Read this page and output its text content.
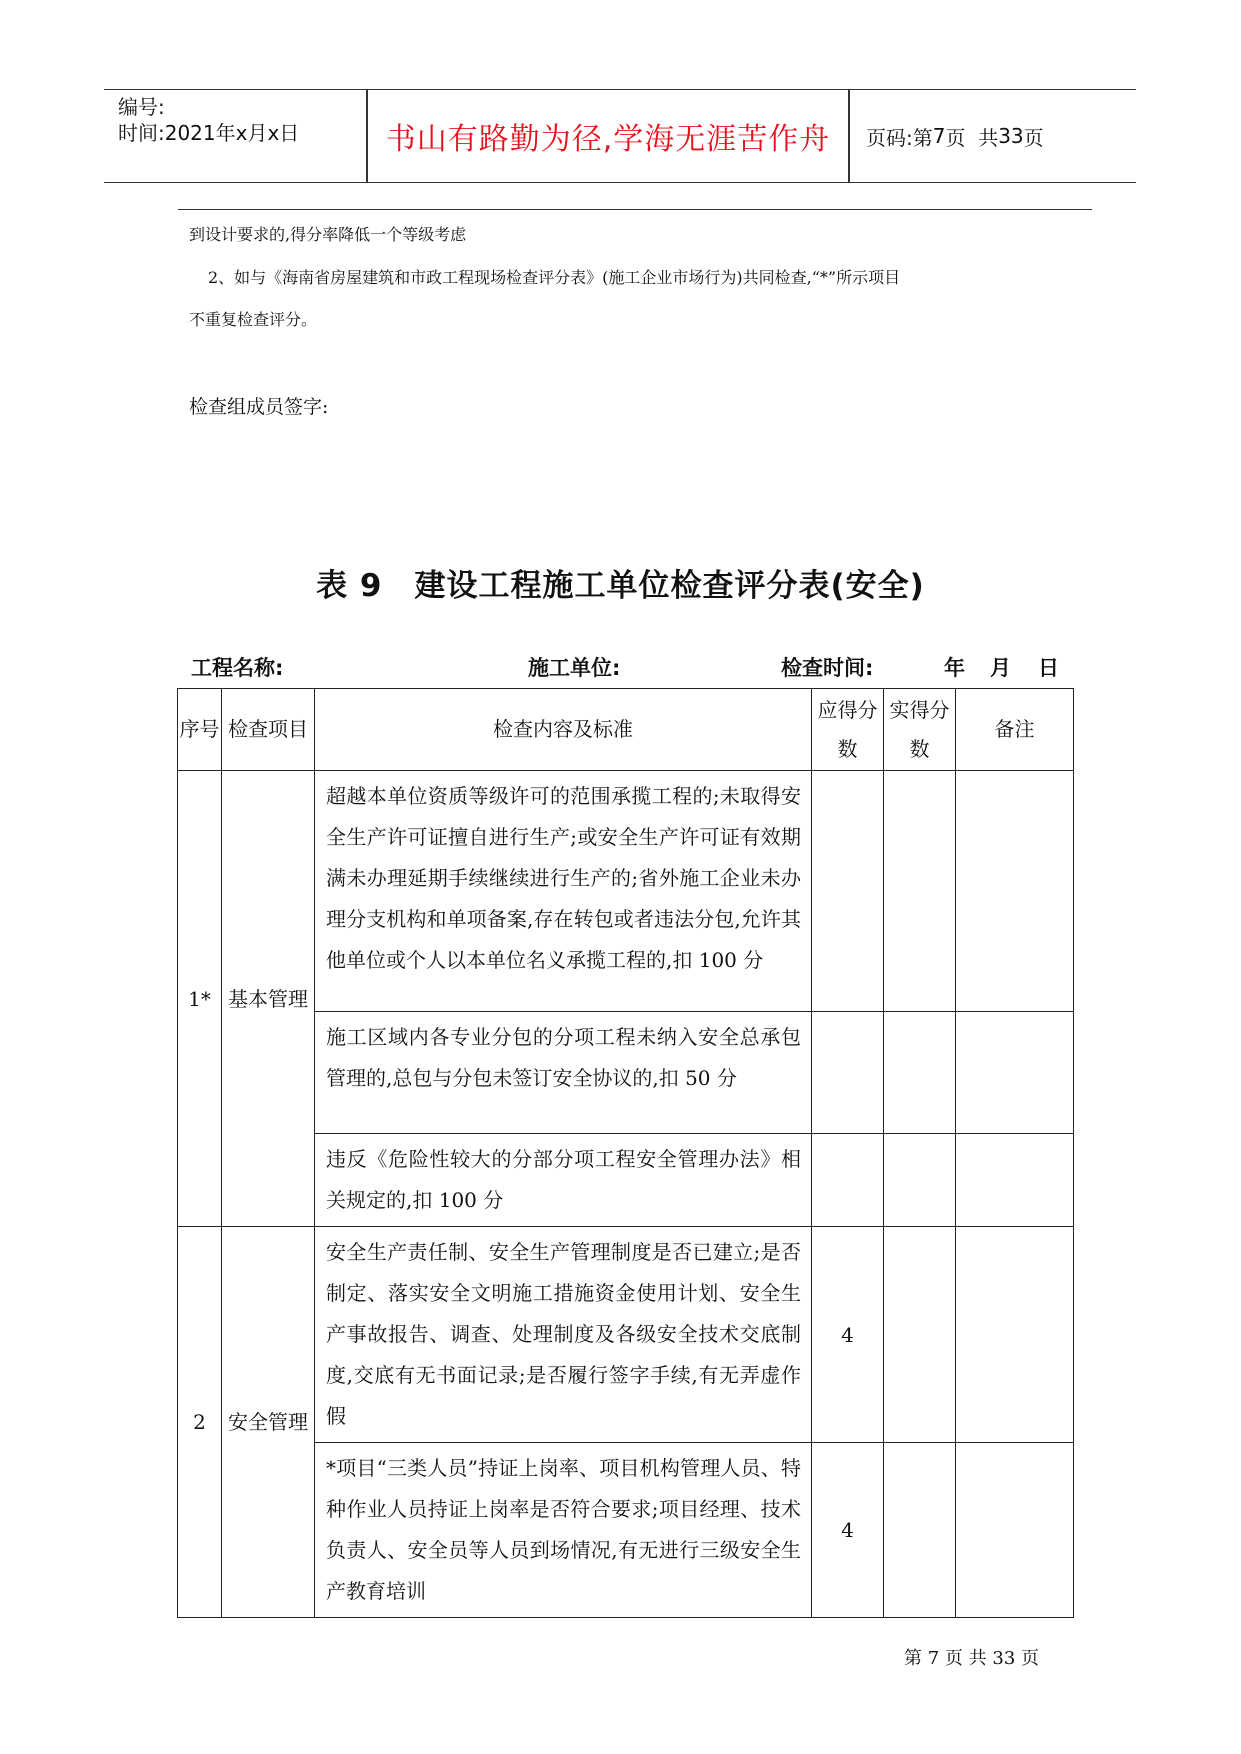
编号:
时间:2021年x月x日	书山有路勤为径,学海无涯苦作舟	页码:第 7 页  共 33 页
到设计要求的,得分率降低一个等级考虑
2、如与《海南省房屋建筑和市政工程现场检查评分表》(施工企业市场行为)共同检查,“*”所示项目
不重复检查评分。
检查组成员签字:
表 9　建设工程施工单位检查评分表(安全)
工程名称:	施工单位:	检查时间:	年 月 日
序号	检查项目	检查内容及标准	应得分数	实得分数	备注
1*	基本管理	超越本单位资质等级许可的范围承揽工程的;未取得安全生产许可证擅自进行生产;或安全生产许可证有效期满未办理延期手续继续进行生产的;省外施工企业未办理分支机构和单项备案,存在转包或者违法分包,允许其他单位或个人以本单位名义承揽工程的,扣 100 分			
		施工区域内各专业分包的分项工程未纳入安全总承包管理的,总包与分包未签订安全协议的,扣 50 分			
		违反《危险性较大的分部分项工程安全管理办法》相关规定的,扣 100 分			
2	安全管理	安全生产责任制、安全生产管理制度是否已建立;是否制定、落实安全文明施工措施资金使用计划、安全生产事故报告、调查、处理制度及各级安全技术交底制度,交底有无书面记录;是否履行签字手续,有无弄虚作假	4		
		*项目“三类人员”持证上岗率、项目机构管理人员、特种作业人员持证上岗率是否符合要求;项目经理、技术负责人、安全员等人员到场情况,有无进行三级安全生产教育培训	4		
第 7 页 共 33 页
